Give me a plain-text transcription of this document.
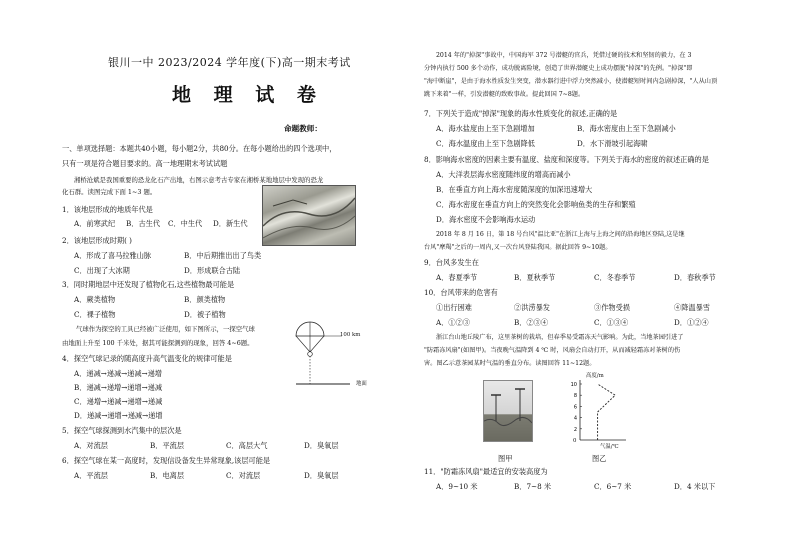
银川一中 2023/2024 学年度(下)高一期末考试
地 理 试 卷
命题教师：
一、单项选择题：本题共40小题，每小题2分，共80分。在每小题给出的四个选项中，
只有一项是符合题目要求的。高一地理期末考试试题
湘桥沧斌是我国重要的恐龙化石产出地，右图示意考古专家在湘桥某地地层中发现的恐龙
化石群。读图完成下面 1~3 题。
1．该地层形成的地质年代是
A．前寒武纪 B．古生代 C．中生代 D．新生代
2．该地层形成时期( )
A．形成了喜马拉雅山脉	B．中后期推出出了鸟类
C．出现了大冰期	D．形成联合古陆
3．同时期地层中还发现了植物化石,这些植物最可能是
A．蕨类植物	B．颜类植物
C．裸子植物	D．被子植物
气球作为探空的工具已经被广泛使用，如下图所示，一探空气球
由地面上升至 100 千米处，据其可能探测到的现象，回答 4~6题。
100 km
地面
4．探空气球记录的随高度升高气温变化的规律可能是
A．递减→递减→递减→递增
B．递减→递增→递增→递减
C．递增→递减→递增→递减
D．递减→递增→递减→递增
5．探空气球探测到水汽集中的层次是
A．对流层	B．平流层	C．高层大气	D．臭氧层
6．探空气球在某一高度时，发现信设备发生异常现象,该层可能是
A．平流层	B．电离层	C．对流层	D．臭氧层
2014 年的"掉深"事故中，中国海军 372 号潜艇的官兵，凭借过硬的技术和坚韧的毅力，在 3
分钟内执行 500 多个动作，成功脱离险境，创造了世界潜艇史上成功摆脱"掉深"的先例。"掉深"即
"海中断崖"，是由于海水性质发生突变，潜水器行进中浮力突然减小，使潜艇短时间内急剧掉深，"人从山顶
跳下来着"一样，引发潜艇的致败事故。提此回国 7~8题。
7．下列关于造成"掉深"现象的海水性质变化的叙述,正确的是
A．海水盐度由上至下急剧增加	B．海水密度由上至下急剧减小
C．海水温度由上至下急剧降低	D．水下滑坡引起海啸
8．影响海水密度的因素主要有温度、盐度和深度等。下列关于海水的密度的叙述正确的是
A．大洋表层海水密度随纬度的增高而减小
B．在垂直方向上海水密度随深度的加深迅速增大
C．海水密度在垂直方向上的突然变化会影响鱼类的生存和繁殖
D．海水密度不会影响海水运动
2018 年 8 月 16 日，第 18 号台风"温比亚"在浙江上海与上海之间的沿海地区登陆,这是继
台风"摩羯"之后的一周内,又一次台风登陆我国。据此回答 9~10题。
9．台风多发生在
A．春夏季节	B．夏秋季节	C．冬春季节	D．春秋季节
10．台风带来的危害有
①出行困难	②洪涝暴发	③作物受损	④降温暴雪
A．①②③	B．②③④	C．①③④	D．①②④
浙江台山地丘陵广布，这里茶树的栽培，但春季易受霜冻天气影响。为此，当地茶园引进了
"防霜冻风扇"(如图甲)。当夜晚气温降到 4 ℃ 时，风扇会自动打开，从而减轻霜冻对茶树的伤
害。图乙示意茶园某时气温的垂直分布。读图回答 11~12题。
图甲
2
4
6
8
10
高度/m
气温/℃
0
图乙
11．"防霜冻风扇"最适宜的安装高度为
A．9~10 米	B．7~8 米	C．6~7 米	D．4 米以下
